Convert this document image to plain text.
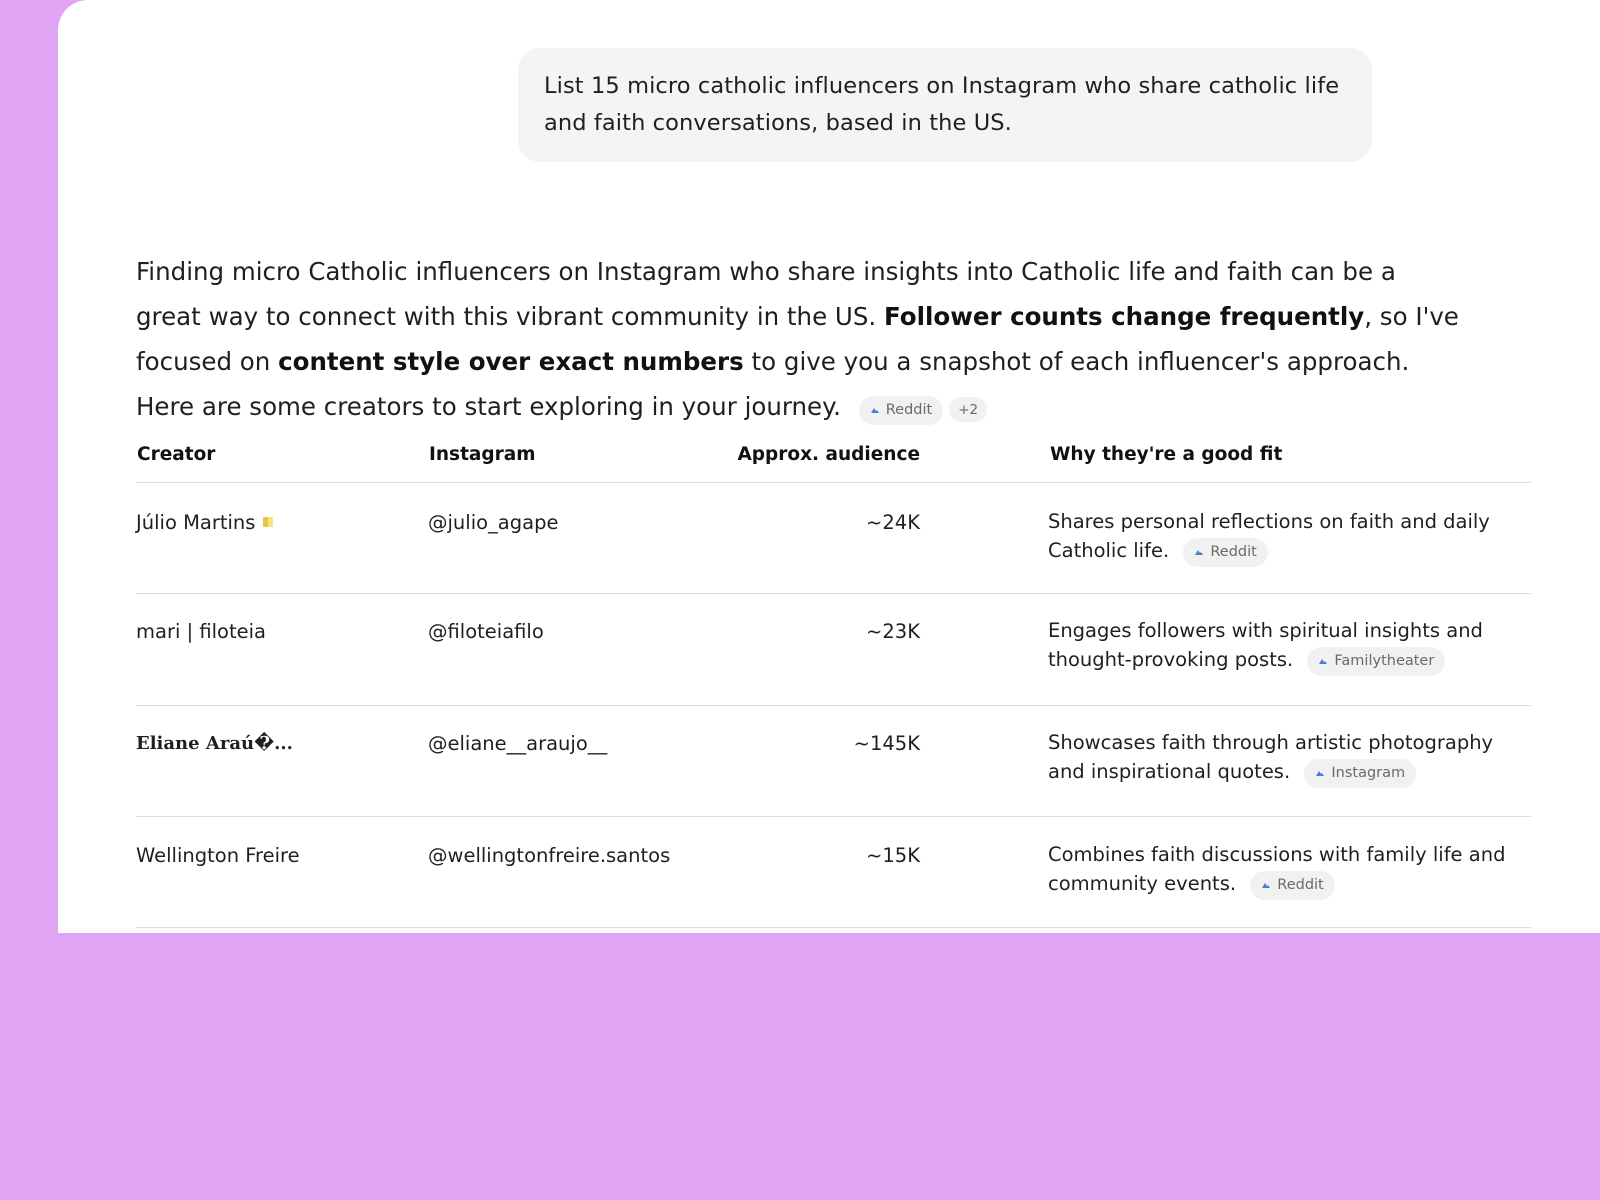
List 15 micro catholic influencers on Instagram who share catholic life and faith conversations, based in the US.
Finding micro Catholic influencers on Instagram who share insights into Catholic life and faith can be a great way to connect with this vibrant community in the US. Follower counts change frequently, so I've focused on content style over exact numbers to give you a snapshot of each influencer's approach. Here are some creators to start exploring in your journey.	Reddit +2
Creator	Instagram	Approx. audience	Why they're a good fit
Júlio Martins	@julio_agape	~24K	Shares personal reflections on faith and daily Catholic life.	Reddit
mari | filoteia	@filoteiafilo	~23K	Engages followers with spiritual insights and thought-provoking posts.	Familytheater
Eliane Araú�...	@eliane__araujo__	~145K	Showcases faith through artistic photography and inspirational quotes.	Instagram
Wellington Freire	@wellingtonfreire.santos	~15K	Combines faith discussions with family life and community events.	Reddit
